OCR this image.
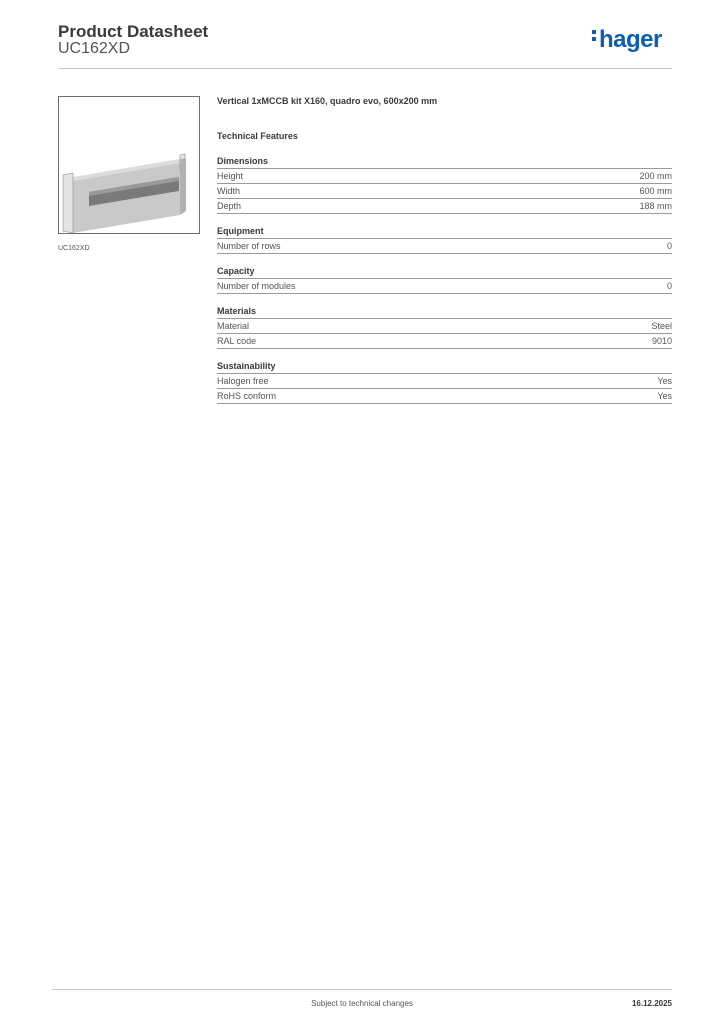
Product Datasheet
UC162XD	hager
UC162XD
Vertical 1xMCCB kit X160, quadro evo, 600x200 mm
Technical Features
Dimensions
Height	200 mm
Width	600 mm
Depth	188 mm
Equipment
Number of rows	0
Capacity
Number of modules	0
Materials
Material	Steel
RAL code	9010
Sustainability
Halogen free	Yes
RoHS conform	Yes
Subject to technical changes	16.12.2025
